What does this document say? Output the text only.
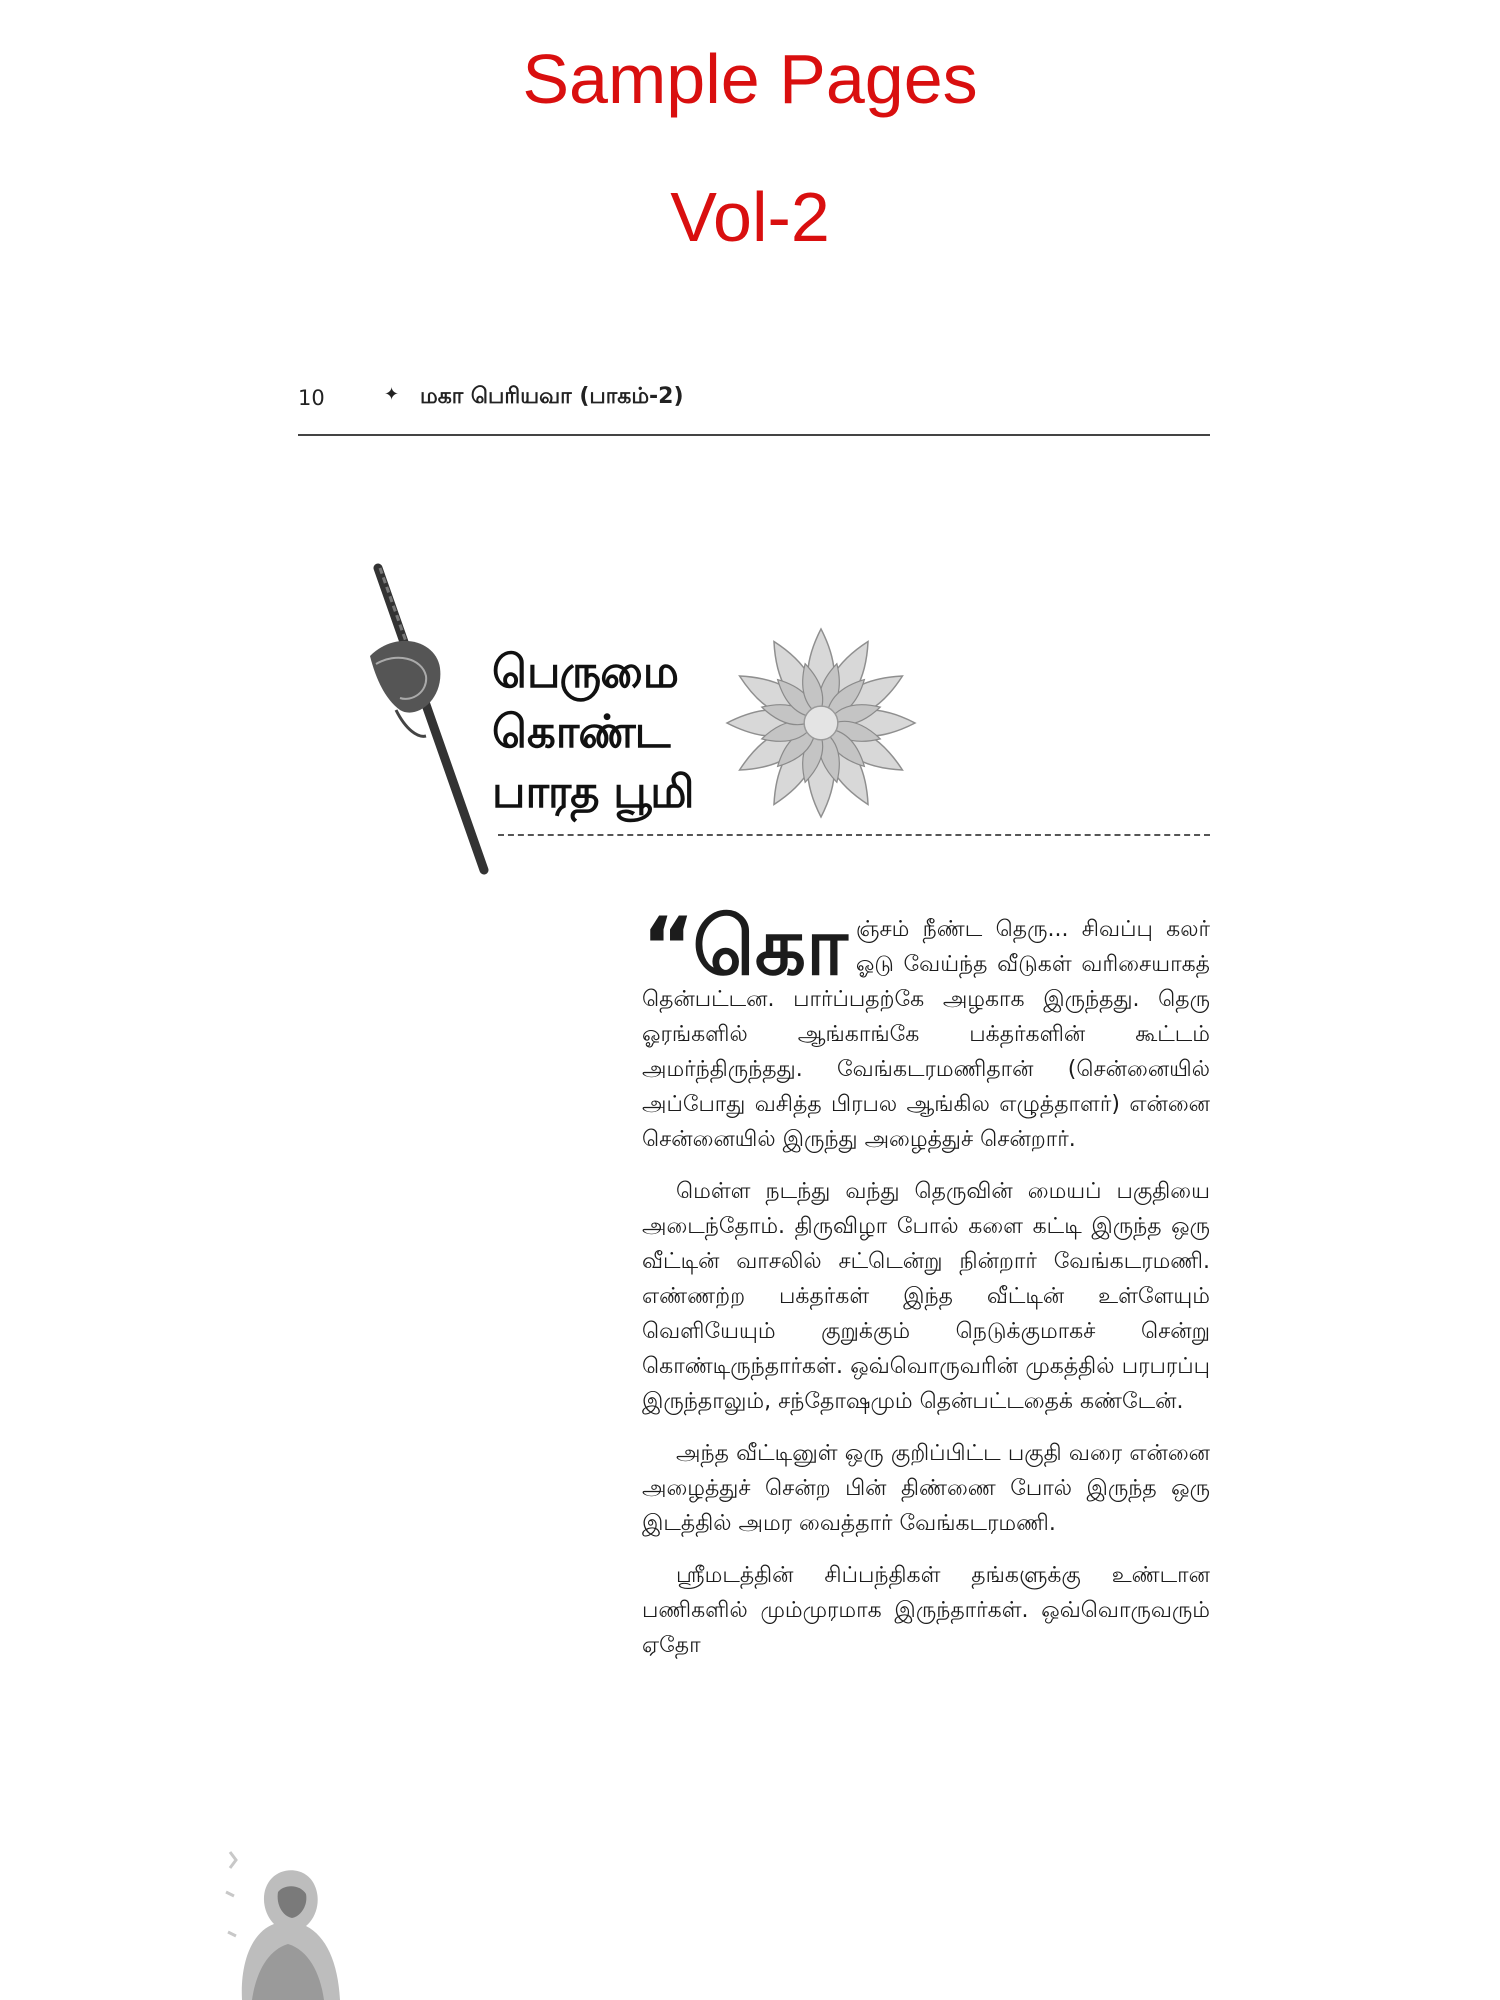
Sample Pages
Vol-2
10	✦ மகா பெரியவா (பாகம்-2)
பெருமை
கொண்ட
பாரத பூமி

“கொஞ்சம் நீண்ட தெரு... சிவப்பு கலர் ஓடு வேய்ந்த வீடுகள் வரிசையாகத் தென்பட்டன. பார்ப்பதற்கே அழகாக இருந்தது. தெரு ஓரங்களில் ஆங்காங்கே பக்தர்களின் கூட்டம் அமர்ந்திருந்தது. வேங்கடரமணிதான் (சென்னையில் அப்போது வசித்த பிரபல ஆங்கில எழுத்தாளர்) என்னை சென்னையில் இருந்து அழைத்துச் சென்றார்.

மெள்ள நடந்து வந்து தெருவின் மையப் பகுதியை அடைந்தோம். திருவிழா போல் களை கட்டி இருந்த ஒரு வீட்டின் வாசலில் சட்டென்று நின்றார் வேங்கடரமணி. எண்ணற்ற பக்தர்கள் இந்த வீட்டின் உள்ளேயும் வெளியேயும் குறுக்கும் நெடுக்குமாகச் சென்று கொண்டிருந்தார்கள். ஒவ்வொருவரின் முகத்தில் பரபரப்பு இருந்தாலும், சந்தோஷமும் தென்பட்டதைக் கண்டேன்.

அந்த வீட்டினுள் ஒரு குறிப்பிட்ட பகுதி வரை என்னை அழைத்துச் சென்ற பின் திண்ணை போல் இருந்த ஒரு இடத்தில் அமர வைத்தார் வேங்கடரமணி.

ஸ்ரீமடத்தின் சிப்பந்திகள் தங்களுக்கு உண்டான பணிகளில் மும்முரமாக இருந்தார்கள். ஒவ்வொருவரும் ஏதோ
